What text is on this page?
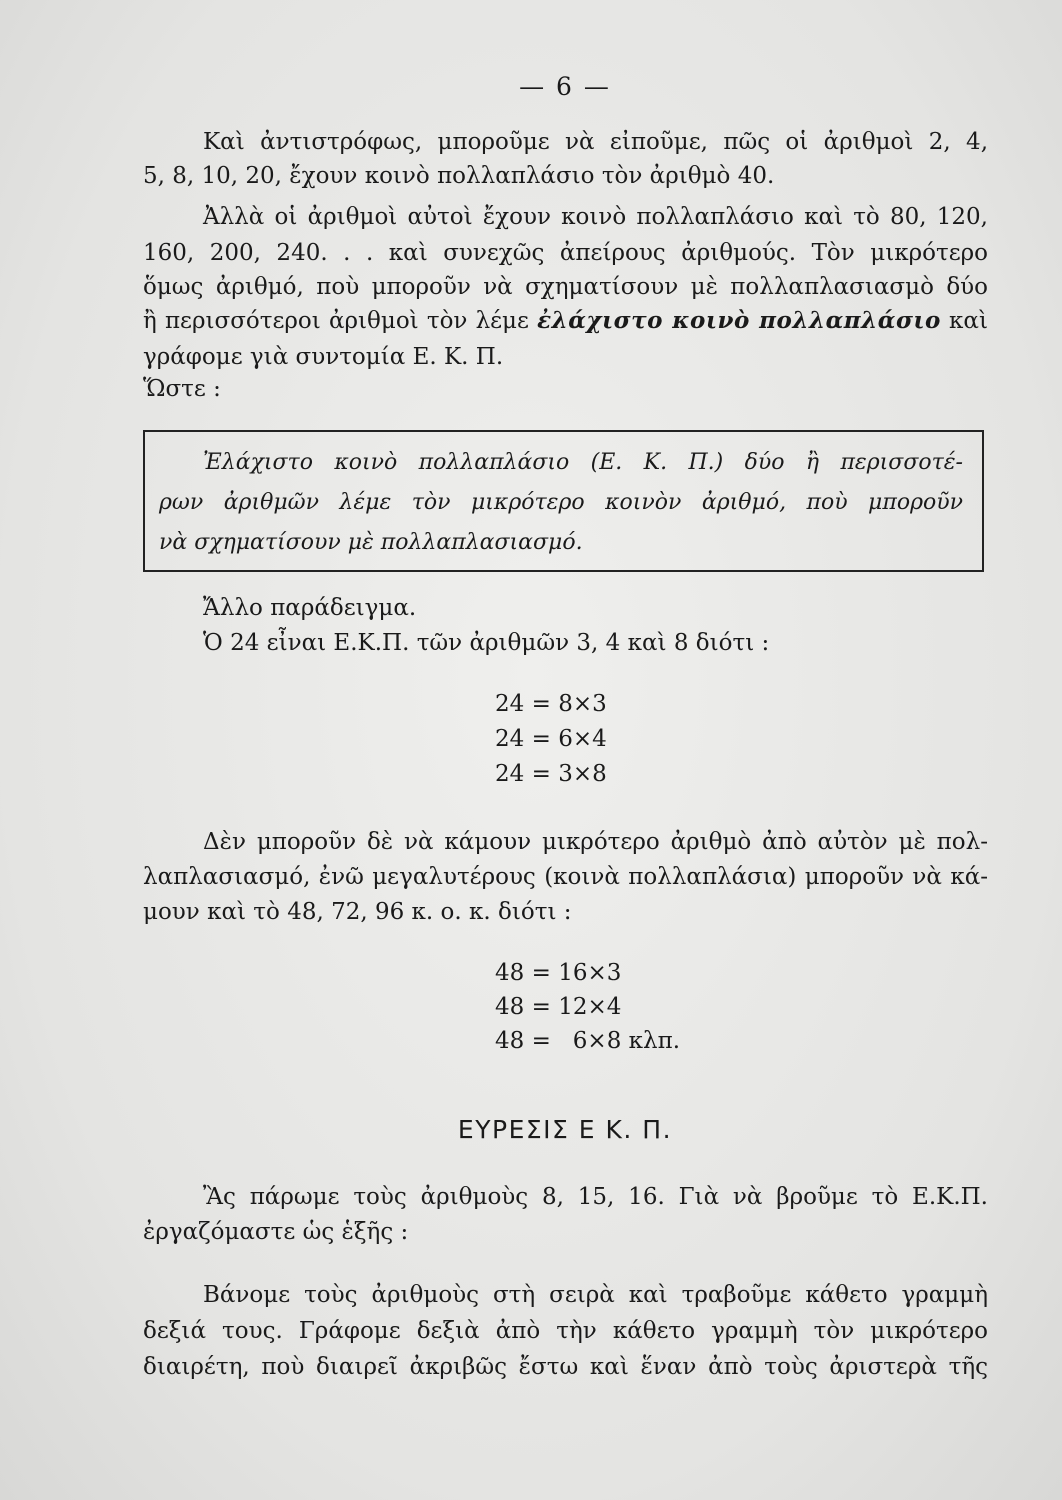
— 6 —
Καὶ ἀντιστρόφως, μποροῦμε νὰ εἰποῦμε, πῶς οἱ ἀριθμοὶ 2, 4,
5, 8, 10, 20, ἔχουν κοινὸ πολλαπλάσιο τὸν ἀριθμὸ 40.
Ἀλλὰ οἱ ἀριθμοὶ αὐτοὶ ἔχουν κοινὸ πολλαπλάσιο καὶ τὸ 80, 120,
160, 200, 240. . . καὶ συνεχῶς ἀπείρους ἀριθμούς. Τὸν μικρότερο
ὅμως ἀριθμό, ποὺ μποροῦν νὰ σχηματίσουν μὲ πολλαπλασιασμὸ δύο
ἢ περισσότεροι ἀριθμοὶ τὸν λέμε ἐλάχιστο κοινὸ πολλαπλάσιο καὶ
γράφομε γιὰ συντομία Ε. Κ. Π.
Ὥστε :
Ἐλάχιστο κοινὸ πολλαπλάσιο (Ε. Κ. Π.) δύο ἢ περισσοτέ-
ρων ἀριθμῶν λέμε τὸν μικρότερο κοινὸν ἀριθμό, ποὺ μποροῦν
νὰ σχηματίσουν μὲ πολλαπλασιασμό.
Ἄλλο παράδειγμα.
Ὁ 24 εἶναι Ε.Κ.Π. τῶν ἀριθμῶν 3, 4 καὶ 8 διότι :
24 = 8×3
24 = 6×4
24 = 3×8
Δὲν μποροῦν δὲ νὰ κάμουν μικρότερο ἀριθμὸ ἀπὸ αὐτὸν μὲ πολ-
λαπλασιασμό, ἐνῶ μεγαλυτέρους (κοινὰ πολλαπλάσια) μποροῦν νὰ κά-
μουν καὶ τὸ 48, 72, 96 κ. ο. κ. διότι :
48 = 16×3
48 = 12×4
48 =   6×8 κλπ.
ΕΥΡΕΣΙΣ Ε Κ. Π.
Ἂς πάρωμε τοὺς ἀριθμοὺς 8, 15, 16. Γιὰ νὰ βροῦμε τὸ Ε.Κ.Π.
ἐργαζόμαστε ὡς ἑξῆς :
Βάνομε τοὺς ἀριθμοὺς στὴ σειρὰ καὶ τραβοῦμε κάθετο γραμμὴ
δεξιά τους. Γράφομε δεξιὰ ἀπὸ τὴν κάθετο γραμμὴ τὸν μικρότερο
διαιρέτη, ποὺ διαιρεῖ ἀκριβῶς ἔστω καὶ ἕναν ἀπὸ τοὺς ἀριστερὰ τῆς
